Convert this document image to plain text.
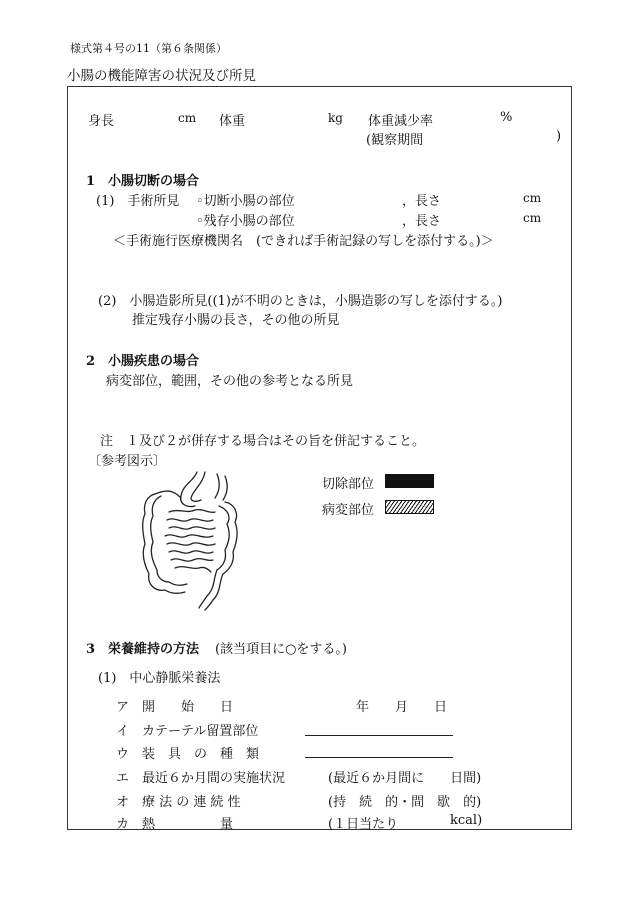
様式第４号の11（第６条関係）
小腸の機能障害の状況及び所見
身長	cm 体重	kg 体重減少率	%
(観察期間	)
1　小腸切断の場合
(1)　手術所見 ◦切断小腸の部位	，長さ	cm
◦残存小腸の部位	，長さ	cm
＜手術施行医療機関名　(できれば手術記録の写しを添付する。)＞
(2)　小腸造影所見((1)が不明のときは，小腸造影の写しを添付する。)
推定残存小腸の長さ，その他の所見
2　小腸疾患の場合
病変部位，範囲，その他の参考となる所見
注　１及び２が併存する場合はその旨を併記すること。
〔参考図示〕
切除部位
病変部位
3　栄養維持の方法 (該当項目に○をする。)
(1)　中心静脈栄養法
ア 開　　始　　日	年　　月　　日
イ カテーテル留置部位
ウ 装　具　の　種　類
エ 最近６か月間の実施状況	(最近６か月間に　　日間)
オ 療 法 の 連 続 性	(持　続　的・間　歇　的)
カ 熱　　　　　量	(１日当たり	kcal)
